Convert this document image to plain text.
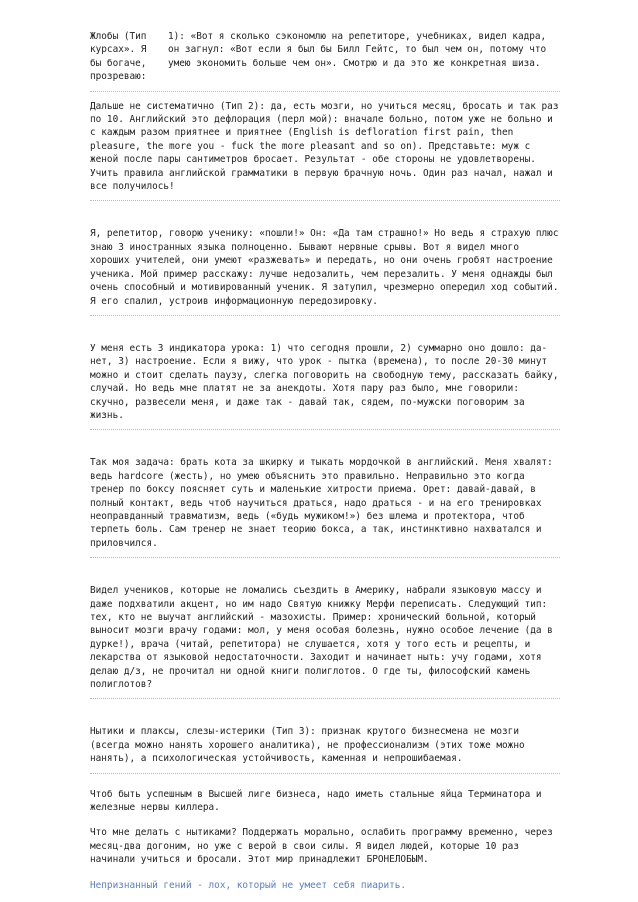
Жлобы (Тип
курсах». Я
бы богаче,
прозреваю:
1): «Вот я сколько сэкономлю на репетиторе, учебниках, видел кадра, он загнул: «Вот если я был бы Билл Гейтс, то был чем он, потому что умею экономить больше чем он». Смотрю и да это же конкретная шиза.

Дальше не систематично (Тип 2): да, есть мозги, но учиться месяц, бросать и так раз по 10. Английский это дефлорация (перл мой): вначале больно, потом уже не больно и с каждым разом приятнее и приятнее (English is defloration first pain, then pleasure, the more you - fuck the more pleasant and so on). Представьте: муж с женой после пары сантиметров бросает. Результат - обе стороны не удовлетворены. Учить правила английской грамматики в первую брачную ночь. Один раз начал, нажал и все получилось!

Я, репетитор, говорю ученику: «пошли!» Он: «Да там страшно!» Но ведь я страхую плюс знаю 3 иностранных языка полноценно. Бывают нервные срывы. Вот я видел много хороших учителей, они умеют «разжевать» и передать, но они очень гробят настроение ученика. Мой пример расскажу: лучше недозалить, чем перезалить. У меня однажды был очень способный и мотивированный ученик. Я затупил, чрезмерно опередил ход событий. Я его спалил, устроив информационную передозировку.

У меня есть 3 индикатора урока: 1) что сегодня прошли, 2) суммарно оно дошло: да-нет, 3) настроение. Если я вижу, что урок - пытка (времена), то после 20-30 минут можно и стоит сделать паузу, слегка поговорить на свободную тему, рассказать байку, случай. Но ведь мне платят не за анекдоты. Хотя пару раз было, мне говорили: скучно, развесели меня, и даже так - давай так, сядем, по-мужски поговорим за жизнь.

Так моя задача: брать кота за шкирку и тыкать мордочкой в английский. Меня хвалят: ведь hardcore (жесть), но умею объяснить это правильно. Неправильно это когда тренер по боксу поясняет суть и маленькие хитрости приема. Орет: давай-давай, в полный контакт, ведь чтоб научиться драться, надо драться - и на его тренировках неоправданный травматизм, ведь («будь мужиком!») без шлема и протектора, чтоб терпеть боль. Сам тренер не знает теорию бокса, а так, инстинктивно нахватался и приловчился.

Видел учеников, которые не ломались съездить в Америку, набрали языковую массу и даже подхватили акцент, но им надо Святую книжку Мерфи переписать. Следующий тип: тех, кто не выучат английский - мазохисты. Пример: хронический больной, который выносит мозги врачу годами: мол, у меня особая болезнь, нужно особое лечение (да в дурке!), врача (читай, репетитора) не слушается, хотя у того есть и рецепты, и лекарства от языковой недостаточности. Заходит и начинает ныть: учу годами, хотя делаю д/з, не прочитал ни одной книги полиглотов. О где ты, философский камень полиглотов?

Нытики и плаксы, слезы-истерики (Тип 3): признак крутого бизнесмена не мозги (всегда можно нанять хорошего аналитика), не профессионализм (этих тоже можно нанять), а психологическая устойчивость, каменная и непрошибаемая.

Чтоб быть успешным в Высшей лиге бизнеса, надо иметь стальные яйца Терминатора и железные нервы киллера.

Что мне делать с нытиками? Поддержать морально, ослабить программу временно, через месяц-два догоним, но уже с верой в свои силы. Я видел людей, которые 10 раз начинали учиться и бросали. Этот мир принадлежит БРОНЕЛОБЫМ.

Непризнанный гений - лох, который не умеет себя пиарить.
